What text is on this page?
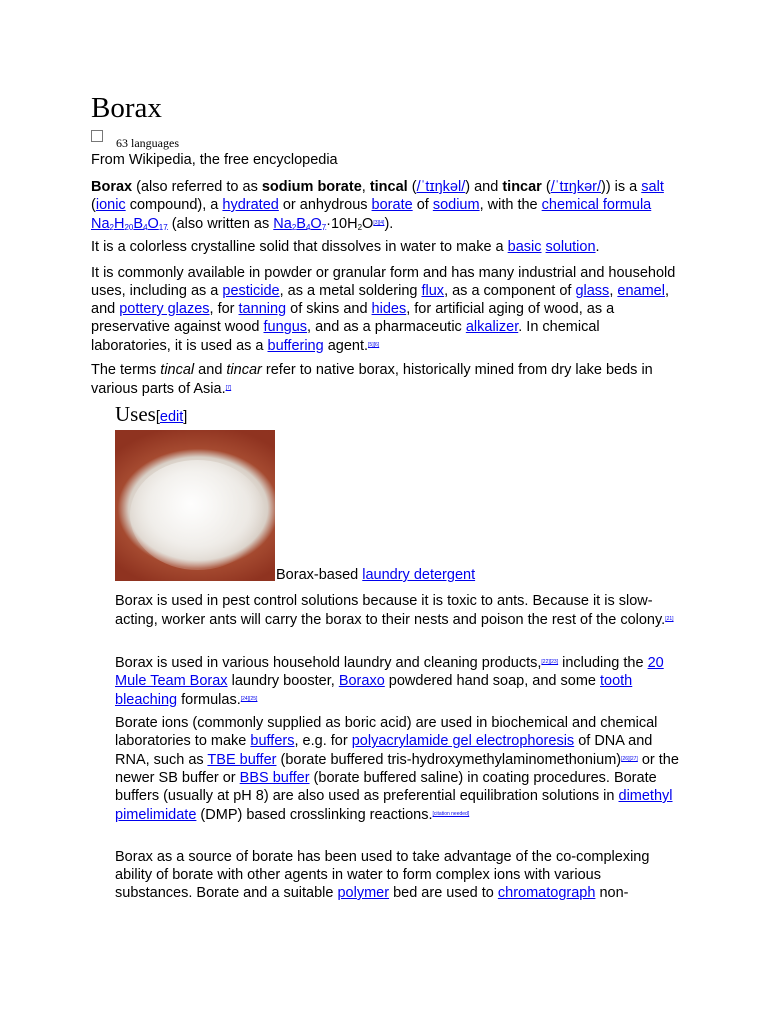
Borax
63 languages
From Wikipedia, the free encyclopedia

Borax (also referred to as sodium borate, tincal (/ˈtɪŋkəl/) and tincar (/ˈtɪŋkər/)) is a salt (ionic compound), a hydrated or anhydrous borate of sodium, with the chemical formula $Na_2H_{20}B_4O_{17}$ (also written as $Na_2B_4O_7\cdot 10H_2O[3][4]$).

It is a colorless crystalline solid that dissolves in water to make a basic solution.

It is commonly available in powder or granular form and has many industrial and household uses, including as a pesticide, as a metal soldering flux, as a component of glass, enamel, and pottery glazes, for tanning of skins and hides, for artificial aging of wood, as a preservative against wood fungus, and as a pharmaceutic alkalizer. In chemical laboratories, it is used as a buffering agent.[5][6]

The terms tincal and tincar refer to native borax, historically mined from dry lake beds in various parts of Asia.[7]

Uses[edit]
Borax-based laundry detergent

Borax is used in pest control solutions because it is toxic to ants. Because it is slow-acting, worker ants will carry the borax to their nests and poison the rest of the colony.[21]

Borax is used in various household laundry and cleaning products,[22][23] including the 20 Mule Team Borax laundry booster, Boraxo powdered hand soap, and some tooth bleaching formulas.[24][25]

Borate ions (commonly supplied as boric acid) are used in biochemical and chemical laboratories to make buffers, e.g. for polyacrylamide gel electrophoresis of DNA and RNA, such as TBE buffer (borate buffered tris-hydroxymethylaminomethonium)[26][27] or the newer SB buffer or BBS buffer (borate buffered saline) in coating procedures. Borate buffers (usually at pH 8) are also used as preferential equilibration solutions in dimethyl pimelimidate (DMP) based crosslinking reactions.[citation needed]

Borax as a source of borate has been used to take advantage of the co-complexing ability of borate with other agents in water to form complex ions with various substances. Borate and a suitable polymer bed are used to chromatograph non-
